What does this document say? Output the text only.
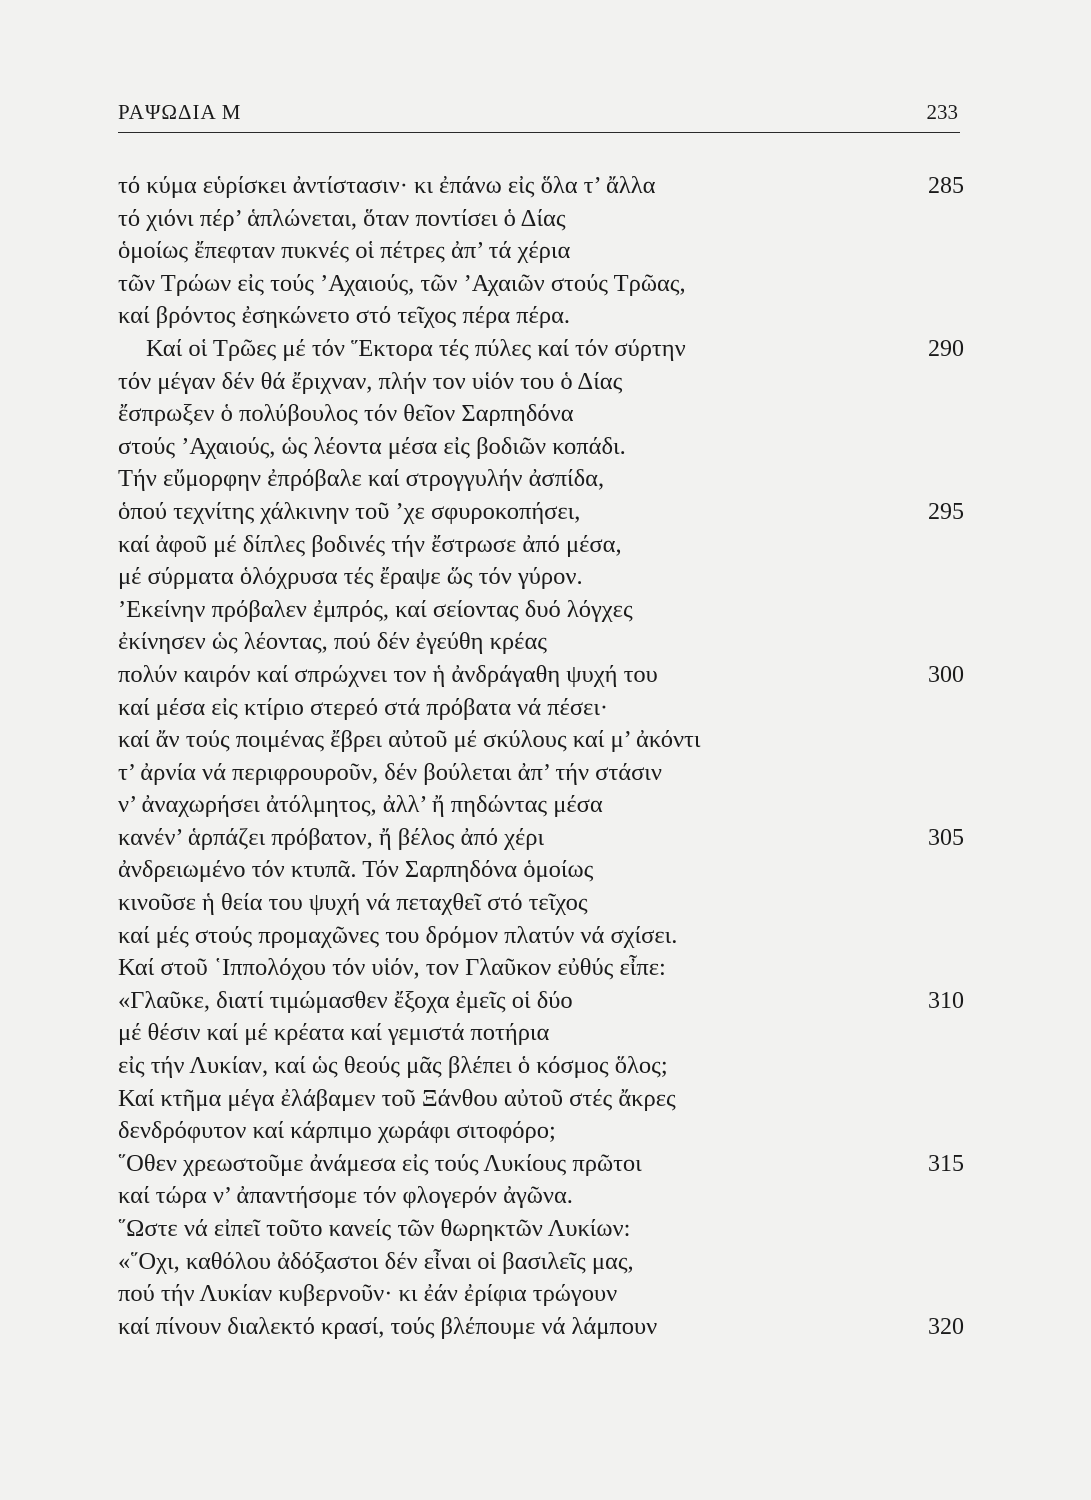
ΡΑΨΩΔΙΑ Μ	233
τό κύμα εὑρίσκει ἀντίστασιν· κι ἐπάνω εἰς ὅλα τ’ ἄλλα	285
τό χιόνι πέρ’ ἁπλώνεται, ὅταν ποντίσει ὁ Δίας
ὁμοίως ἔπεφταν πυκνές οἱ πέτρες ἀπ’ τά χέρια
τῶν Τρώων εἰς τούς ’Αχαιούς, τῶν ’Αχαιῶν στούς Τρῶας,
καί βρόντος ἐσηκώνετο στό τεῖχος πέρα πέρα.
Καί οἱ Τρῶες μέ τόν Ἕκτορα τές πύλες καί τόν σύρτην	290
τόν μέγαν δέν θά ἔριχναν, πλήν τον υἱόν του ὁ Δίας
ἔσπρωξεν ὁ πολύβουλος τόν θεῖον Σαρπηδόνα
στούς ’Αχαιούς, ὡς λέοντα μέσα εἰς βοδιῶν κοπάδι.
Τήν εὔμορφην ἐπρόβαλε καί στρογγυλήν ἀσπίδα,
ὁπού τεχνίτης χάλκινην τοῦ ’χε σφυροκοπήσει,	295
καί ἀφοῦ μέ δίπλες βοδινές τήν ἔστρωσε ἀπό μέσα,
μέ σύρματα ὁλόχρυσα τές ἔραψε ὥς τόν γύρον.
’Εκείνην πρόβαλεν ἐμπρός, καί σείοντας δυό λόγχες
ἐκίνησεν ὡς λέοντας, πού δέν ἐγεύθη κρέας
πολύν καιρόν καί σπρώχνει τον ἡ ἀνδράγαθη ψυχή του	300
καί μέσα εἰς κτίριο στερεό στά πρόβατα νά πέσει·
καί ἄν τούς ποιμένας ἔβρει αὐτοῦ μέ σκύλους καί μ’ ἀκόντι
τ’ ἀρνία νά περιφρουροῦν, δέν βούλεται ἀπ’ τήν στάσιν
ν’ ἀναχωρήσει ἀτόλμητος, ἀλλ’ ἤ πηδώντας μέσα
κανέν’ ἁρπάζει πρόβατον, ἤ βέλος ἀπό χέρι	305
ἀνδρειωμένο τόν κτυπᾶ. Τόν Σαρπηδόνα ὁμοίως
κινοῦσε ἡ θεία του ψυχή νά πεταχθεῖ στό τεῖχος
καί μές στούς προμαχῶνες του δρόμον πλατύν νά σχίσει.
Καί στοῦ ῾Ιππολόχου τόν υἱόν, τον Γλαῦκον εὐθύς εἶπε:
«Γλαῦκε, διατί τιμώμασθεν ἔξοχα ἐμεῖς οἱ δύο	310
μέ θέσιν καί μέ κρέατα καί γεμιστά ποτήρια
εἰς τήν Λυκίαν, καί ὡς θεούς μᾶς βλέπει ὁ κόσμος ὅλος;
Καί κτῆμα μέγα ἐλάβαμεν τοῦ Ξάνθου αὐτοῦ στές ἄκρες
δενδρόφυτον καί κάρπιμο χωράφι σιτοφόρο;
῞Οθεν χρεωστοῦμε ἀνάμεσα εἰς τούς Λυκίους πρῶτοι	315
καί τώρα ν’ ἀπαντήσομε τόν φλογερόν ἀγῶνα.
῞Ωστε νά εἰπεῖ τοῦτο κανείς τῶν θωρηκτῶν Λυκίων:
«῞Οχι, καθόλου ἀδόξαστοι δέν εἶναι οἱ βασιλεῖς μας,
πού τήν Λυκίαν κυβερνοῦν· κι ἐάν ἐρίφια τρώγουν
καί πίνουν διαλεκτό κρασί, τούς βλέπουμε νά λάμπουν	320
